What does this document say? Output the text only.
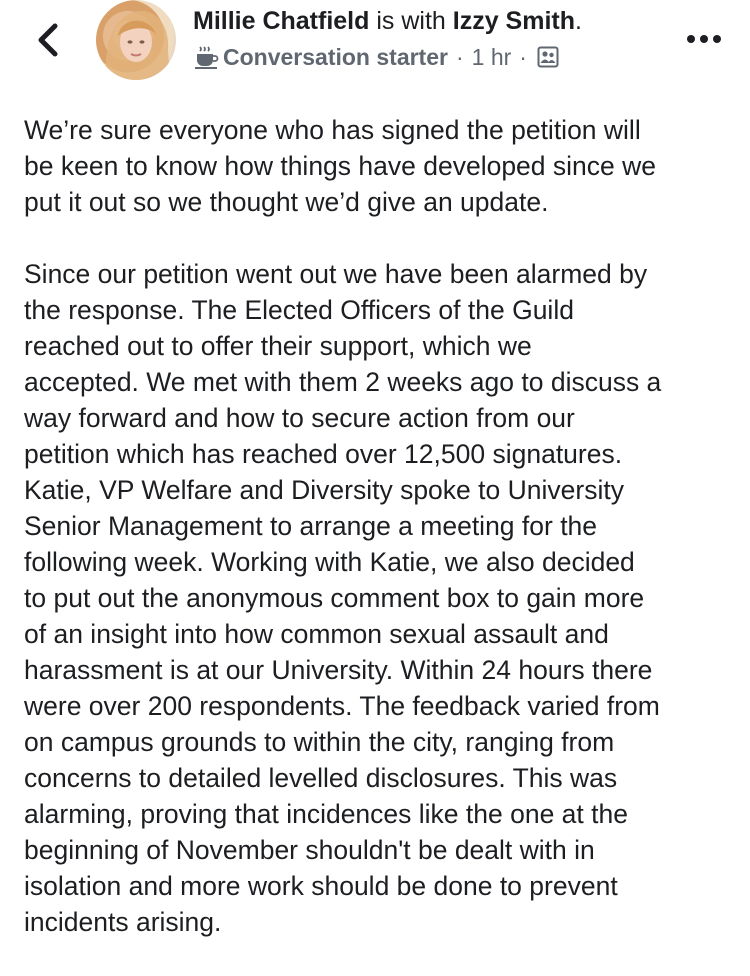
Millie Chatfield is with Izzy Smith.
Conversation starter · 1 hr ·

We’re sure everyone who has signed the petition will
be keen to know how things have developed since we
put it out so we thought we’d give an update.

Since our petition went out we have been alarmed by
the response. The Elected Officers of the Guild
reached out to offer their support, which we
accepted. We met with them 2 weeks ago to discuss a
way forward and how to secure action from our
petition which has reached over 12,500 signatures.
Katie, VP Welfare and Diversity spoke to University
Senior Management to arrange a meeting for the
following week. Working with Katie, we also decided
to put out the anonymous comment box to gain more
of an insight into how common sexual assault and
harassment is at our University. Within 24 hours there
were over 200 respondents. The feedback varied from
on campus grounds to within the city, ranging from
concerns to detailed levelled disclosures. This was
alarming, proving that incidences like the one at the
beginning of November shouldn't be dealt with in
isolation and more work should be done to prevent
incidents arising.
